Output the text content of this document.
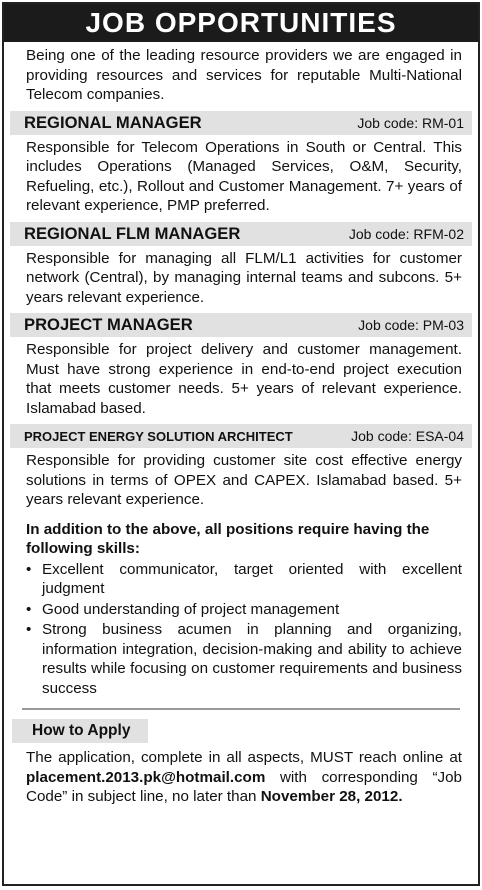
JOB OPPORTUNITIES
Being one of the leading resource providers we are engaged in providing resources and services for reputable Multi-National Telecom companies.
REGIONAL MANAGER	Job code: RM-01
Responsible for Telecom Operations in South or Central. This includes Operations (Managed Services, O&M, Security, Refueling, etc.), Rollout and Customer Management. 7+ years of relevant experience, PMP preferred.
REGIONAL FLM MANAGER	Job code: RFM-02
Responsible for managing all FLM/L1 activities for customer network (Central), by managing internal teams and subcons. 5+ years relevant experience.
PROJECT MANAGER	Job code: PM-03
Responsible for project delivery and customer management. Must have strong experience in end-to-end project execution that meets customer needs. 5+ years of relevant experience. Islamabad based.
PROJECT ENERGY SOLUTION ARCHITECT	Job code: ESA-04
Responsible for providing customer site cost effective energy solutions in terms of OPEX and CAPEX. Islamabad based. 5+ years relevant experience.
In addition to the above, all positions require having the following skills:
• Excellent communicator, target oriented with excellent judgment
• Good understanding of project management
• Strong business acumen in planning and organizing, information integration, decision-making and ability to achieve results while focusing on customer requirements and business success
How to Apply
The application, complete in all aspects, MUST reach online at placement.2013.pk@hotmail.com with corresponding “Job Code” in subject line, no later than November 28, 2012.
